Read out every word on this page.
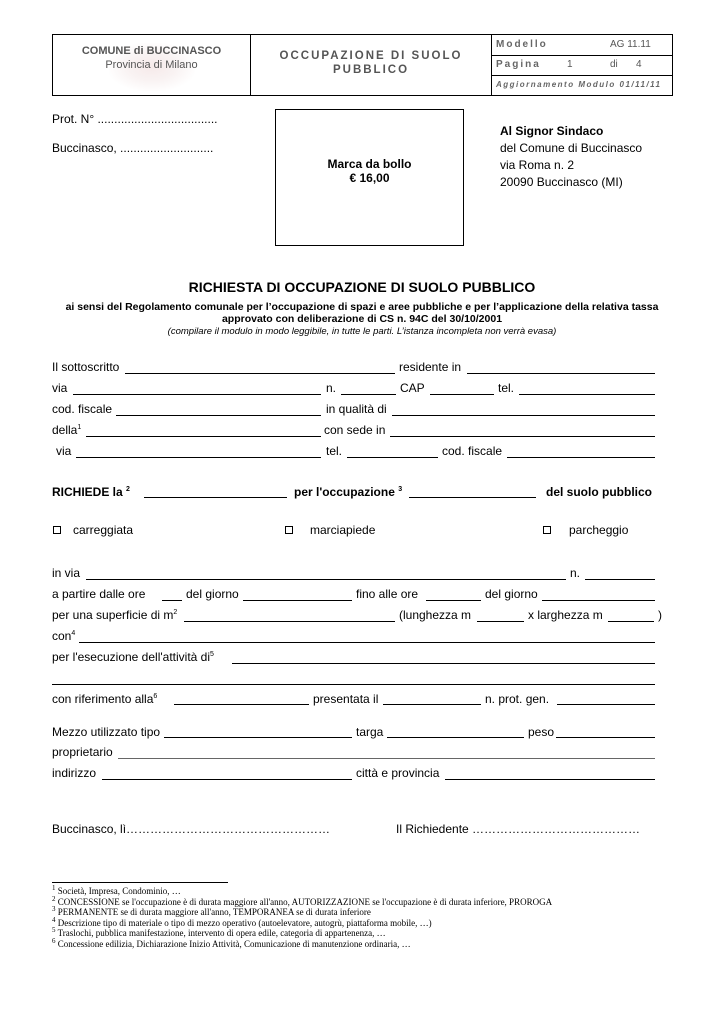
COMUNE di BUCCINASCO
Provincia di Milano
OCCUPAZIONE DI SUOLO
PUBBLICO
Modello	AG 11.11
Pagina	1	di 4
Aggiornamento Modulo 01/11/11
Prot. N° ....................................
Buccinasco, ............................
Marca da bollo
€ 16,00
Al Signor Sindaco
del Comune di Buccinasco
via Roma n. 2
20090 Buccinasco (MI)
RICHIESTA DI OCCUPAZIONE DI SUOLO PUBBLICO
ai sensi del Regolamento comunale per l’occupazione di spazi e aree pubbliche e per l’applicazione della relativa tassa
approvato con deliberazione di CS n. 94C del 30/10/2001
(compilare il modulo in modo leggibile, in tutte le parti. L’istanza incompleta non verrà evasa)
Il sottoscritto	residente in
via	n.	CAP	tel.
cod. fiscale	in qualità di
della$^1$	con sede in
via	tel.	cod. fiscale
RICHIEDE la $^2$	per l'occupazione $^3$	del suolo pubblico
carreggiata	marciapiede	parcheggio
in via	n.
a partire dalle ore	del giorno	fino alle ore	del giorno
per una superficie di $m^2$	(lunghezza m	x larghezza m	)
con$^4$
per l'esecuzione dell'attività $di^5$
con riferimento alla$^6$	presentata il	n. prot. gen.
Mezzo utilizzato tipo	targa	peso
proprietario
indirizzo	città e provincia
Buccinasco, lì……………………………………………	Il Richiedente ……………………………………
$^1$ Società, Impresa, Condominio, …
$^2$ CONCESSIONE se l'occupazione è di durata maggiore all'anno, AUTORIZZAZIONE se l'occupazione è di durata inferiore, PROROGA
$^3$ PERMANENTE se di durata maggiore all'anno, TEMPORANEA se di durata inferiore
$^4$ Descrizione tipo di materiale o tipo di mezzo operativo (autoelevatore, autogrù, piattaforma mobile, …)
$^5$ Traslochi, pubblica manifestazione, intervento di opera edile, categoria di appartenenza, …
$^6$ Concessione edilizia, Dichiarazione Inizio Attività, Comunicazione di manutenzione ordinaria, …
